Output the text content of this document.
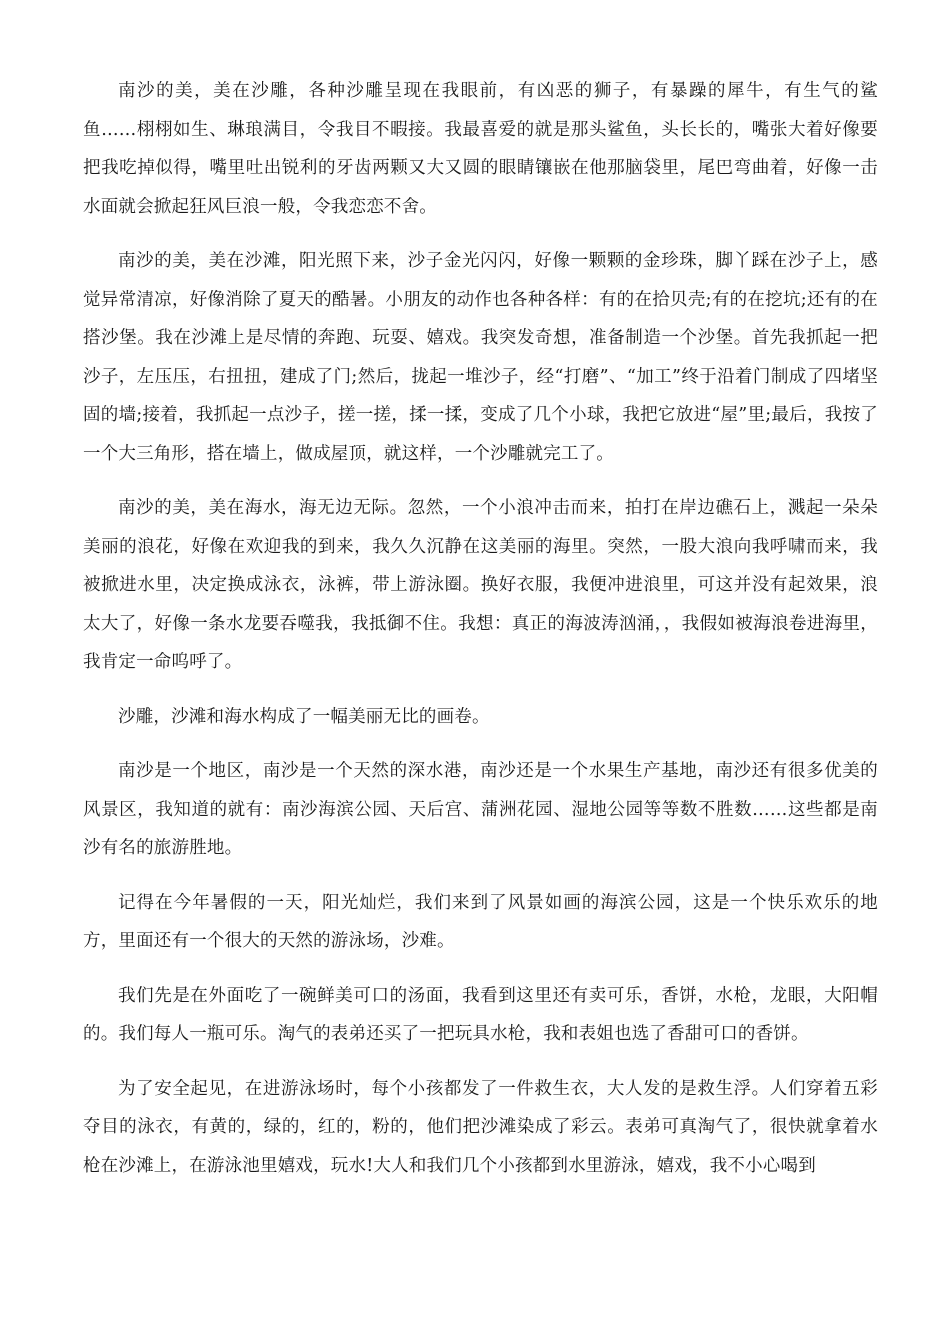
南沙的美，美在沙雕，各种沙雕呈现在我眼前，有凶恶的狮子，有暴躁的犀牛，有生气的鲨鱼……栩栩如生、琳琅满目，令我目不暇接。我最喜爱的就是那头鲨鱼，头长长的，嘴张大着好像要把我吃掉似得，嘴里吐出锐利的牙齿两颗又大又圆的眼睛镶嵌在他那脑袋里，尾巴弯曲着，好像一击水面就会掀起狂风巨浪一般，令我恋恋不舍。

南沙的美，美在沙滩，阳光照下来，沙子金光闪闪，好像一颗颗的金珍珠，脚丫踩在沙子上，感觉异常清凉，好像消除了夏天的酷暑。小朋友的动作也各种各样：有的在拾贝壳;有的在挖坑;还有的在搭沙堡。我在沙滩上是尽情的奔跑、玩耍、嬉戏。我突发奇想，准备制造一个沙堡。首先我抓起一把沙子，左压压，右扭扭，建成了门;然后，拢起一堆沙子，经“打磨”、“加工”终于沿着门制成了四堵坚固的墙;接着，我抓起一点沙子，搓一搓，揉一揉，变成了几个小球，我把它放进“屋”里;最后，我按了一个大三角形，搭在墙上，做成屋顶，就这样，一个沙雕就完工了。

南沙的美，美在海水，海无边无际。忽然，一个小浪冲击而来，拍打在岸边礁石上，溅起一朵朵美丽的浪花，好像在欢迎我的到来，我久久沉静在这美丽的海里。突然，一股大浪向我呼啸而来，我被掀进水里，决定换成泳衣，泳裤，带上游泳圈。换好衣服，我便冲进浪里，可这并没有起效果，浪太大了，好像一条水龙要吞噬我，我抵御不住。我想：真正的海波涛汹涌，，我假如被海浪卷进海里，我肯定一命呜呼了。

沙雕，沙滩和海水构成了一幅美丽无比的画卷。

南沙是一个地区，南沙是一个天然的深水港，南沙还是一个水果生产基地，南沙还有很多优美的风景区，我知道的就有：南沙海滨公园、天后宫、蒲洲花园、湿地公园等等数不胜数……这些都是南沙有名的旅游胜地。

记得在今年暑假的一天，阳光灿烂，我们来到了风景如画的海滨公园，这是一个快乐欢乐的地方，里面还有一个很大的天然的游泳场，沙难。

我们先是在外面吃了一碗鲜美可口的汤面，我看到这里还有卖可乐，香饼，水枪，龙眼，大阳帽的。我们每人一瓶可乐。淘气的表弟还买了一把玩具水枪，我和表姐也选了香甜可口的香饼。

为了安全起见，在进游泳场时，每个小孩都发了一件救生衣，大人发的是救生浮。人们穿着五彩夺目的泳衣，有黄的，绿的，红的，粉的，他们把沙滩染成了彩云。表弟可真淘气了，很快就拿着水枪在沙滩上，在游泳池里嬉戏，玩水!大人和我们几个小孩都到水里游泳，嬉戏，我不小心喝到
